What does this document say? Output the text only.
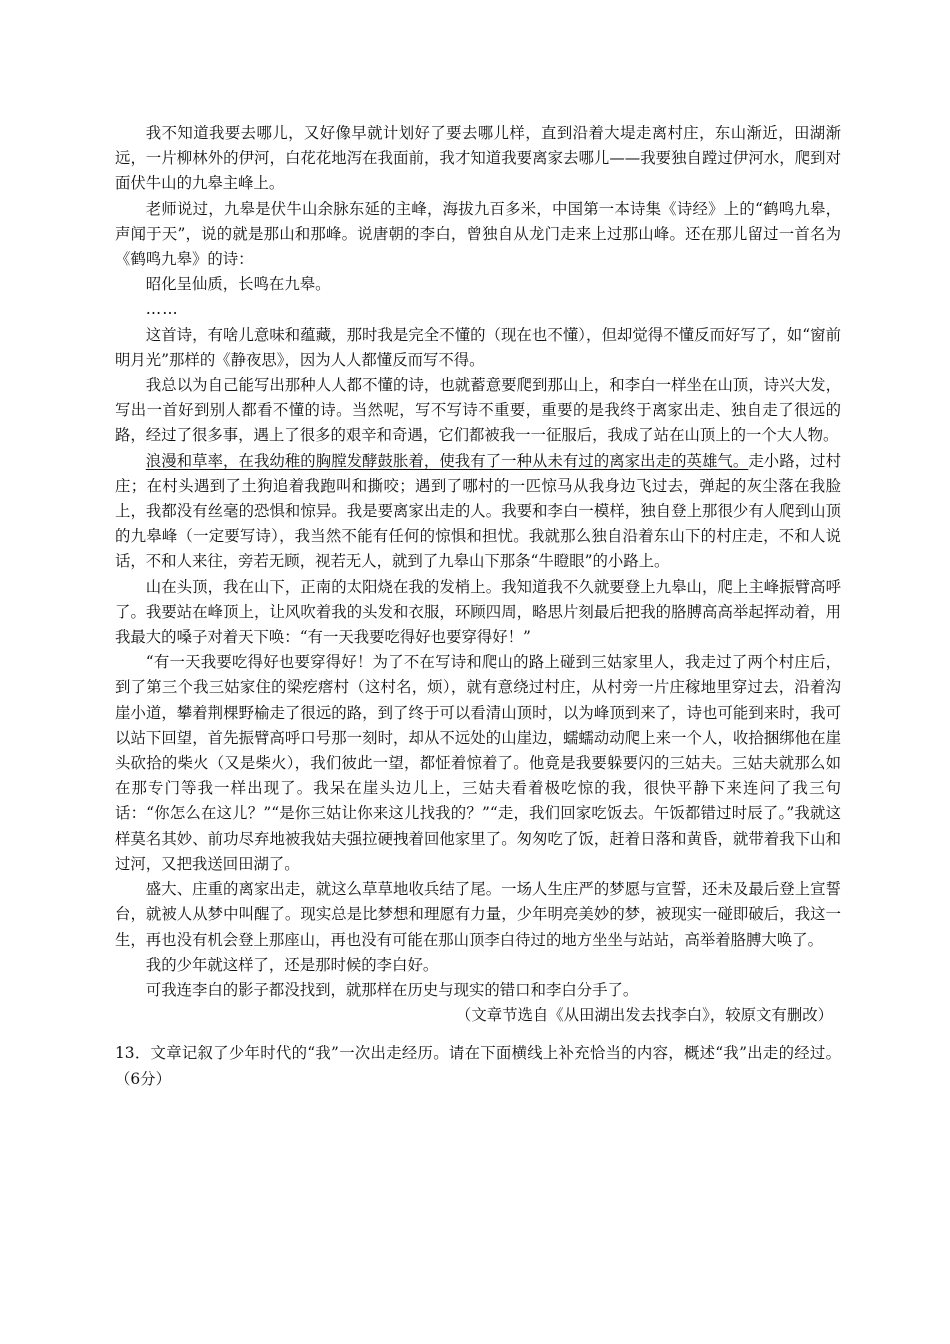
我不知道我要去哪儿，又好像早就计划好了要去哪儿样，直到沿着大堤走离村庄，东山渐近，田湖渐远，一片柳林外的伊河，白花花地泻在我面前，我才知道我要离家去哪儿——我要独自蹚过伊河水，爬到对面伏牛山的九皋主峰上。

老师说过，九皋是伏牛山余脉东延的主峰，海拔九百多米，中国第一本诗集《诗经》上的“鹤鸣九皋，声闻于天”，说的就是那山和那峰。说唐朝的李白，曾独自从龙门走来上过那山峰。还在那儿留过一首名为《鹤鸣九皋》的诗：

昭化呈仙质，长鸣在九皋。

……

这首诗，有啥儿意味和蕴藏，那时我是完全不懂的（现在也不懂），但却觉得不懂反而好写了，如“窗前明月光”那样的《静夜思》，因为人人都懂反而写不得。

我总以为自己能写出那种人人都不懂的诗，也就蓄意要爬到那山上，和李白一样坐在山顶，诗兴大发，写出一首好到别人都看不懂的诗。当然呢，写不写诗不重要，重要的是我终于离家出走、独自走了很远的路，经过了很多事，遇上了很多的艰辛和奇遇，它们都被我一一征服后，我成了站在山顶上的一个大人物。

浪漫和草率，在我幼稚的胸膛发酵鼓胀着，使我有了一种从未有过的离家出走的英雄气。走小路，过村庄；在村头遇到了土狗追着我跑叫和撕咬；遇到了哪村的一匹惊马从我身边飞过去，弹起的灰尘落在我脸上，我都没有丝毫的恐惧和惊异。我是要离家出走的人。我要和李白一模样，独自登上那很少有人爬到山顶的九皋峰（一定要写诗），我当然不能有任何的惊惧和担忧。我就那么独自沿着东山下的村庄走，不和人说话，不和人来往，旁若无顾，视若无人，就到了九皋山下那条“牛瞪眼”的小路上。

山在头顶，我在山下，正南的太阳烧在我的发梢上。我知道我不久就要登上九皋山，爬上主峰振臂高呼了。我要站在峰顶上，让风吹着我的头发和衣服，环顾四周，略思片刻最后把我的胳膊高高举起挥动着，用我最大的嗓子对着天下唤：“有一天我要吃得好也要穿得好！”

“有一天我要吃得好也要穿得好！为了不在写诗和爬山的路上碰到三姑家里人，我走过了两个村庄后，到了第三个我三姑家住的梁疙瘩村（这村名，烦），就有意绕过村庄，从村旁一片庄稼地里穿过去，沿着沟崖小道，攀着荆棵野榆走了很远的路，到了终于可以看清山顶时，以为峰顶到来了，诗也可能到来时，我可以站下回望，首先振臂高呼口号那一刻时，却从不远处的山崖边，蠕蠕动动爬上来一个人，收拾捆绑他在崖头砍拾的柴火（又是柴火），我们彼此一望，都怔着惊着了。他竟是我要躲要闪的三姑夫。三姑夫就那么如在那专门等我一样出现了。我呆在崖头边儿上，三姑夫看着极吃惊的我，很快平静下来连问了我三句话：“你怎么在这儿？”“是你三姑让你来这儿找我的？”“走，我们回家吃饭去。午饭都错过时辰了。”我就这样莫名其妙、前功尽弃地被我姑夫强拉硬拽着回他家里了。匆匆吃了饭，赶着日落和黄昏，就带着我下山和过河，又把我送回田湖了。

盛大、庄重的离家出走，就这么草草地收兵结了尾。一场人生庄严的梦愿与宣誓，还未及最后登上宣誓台，就被人从梦中叫醒了。现实总是比梦想和理愿有力量，少年明亮美妙的梦，被现实一碰即破后，我这一生，再也没有机会登上那座山，再也没有可能在那山顶李白待过的地方坐坐与站站，高举着胳膊大唤了。

我的少年就这样了，还是那时候的李白好。

可我连李白的影子都没找到，就那样在历史与现实的错口和李白分手了。

（文章节选自《从田湖出发去找李白》，较原文有删改）

13．文章记叙了少年时代的“我”一次出走经历。请在下面横线上补充恰当的内容，概述“我”出走的经过。（6分）
